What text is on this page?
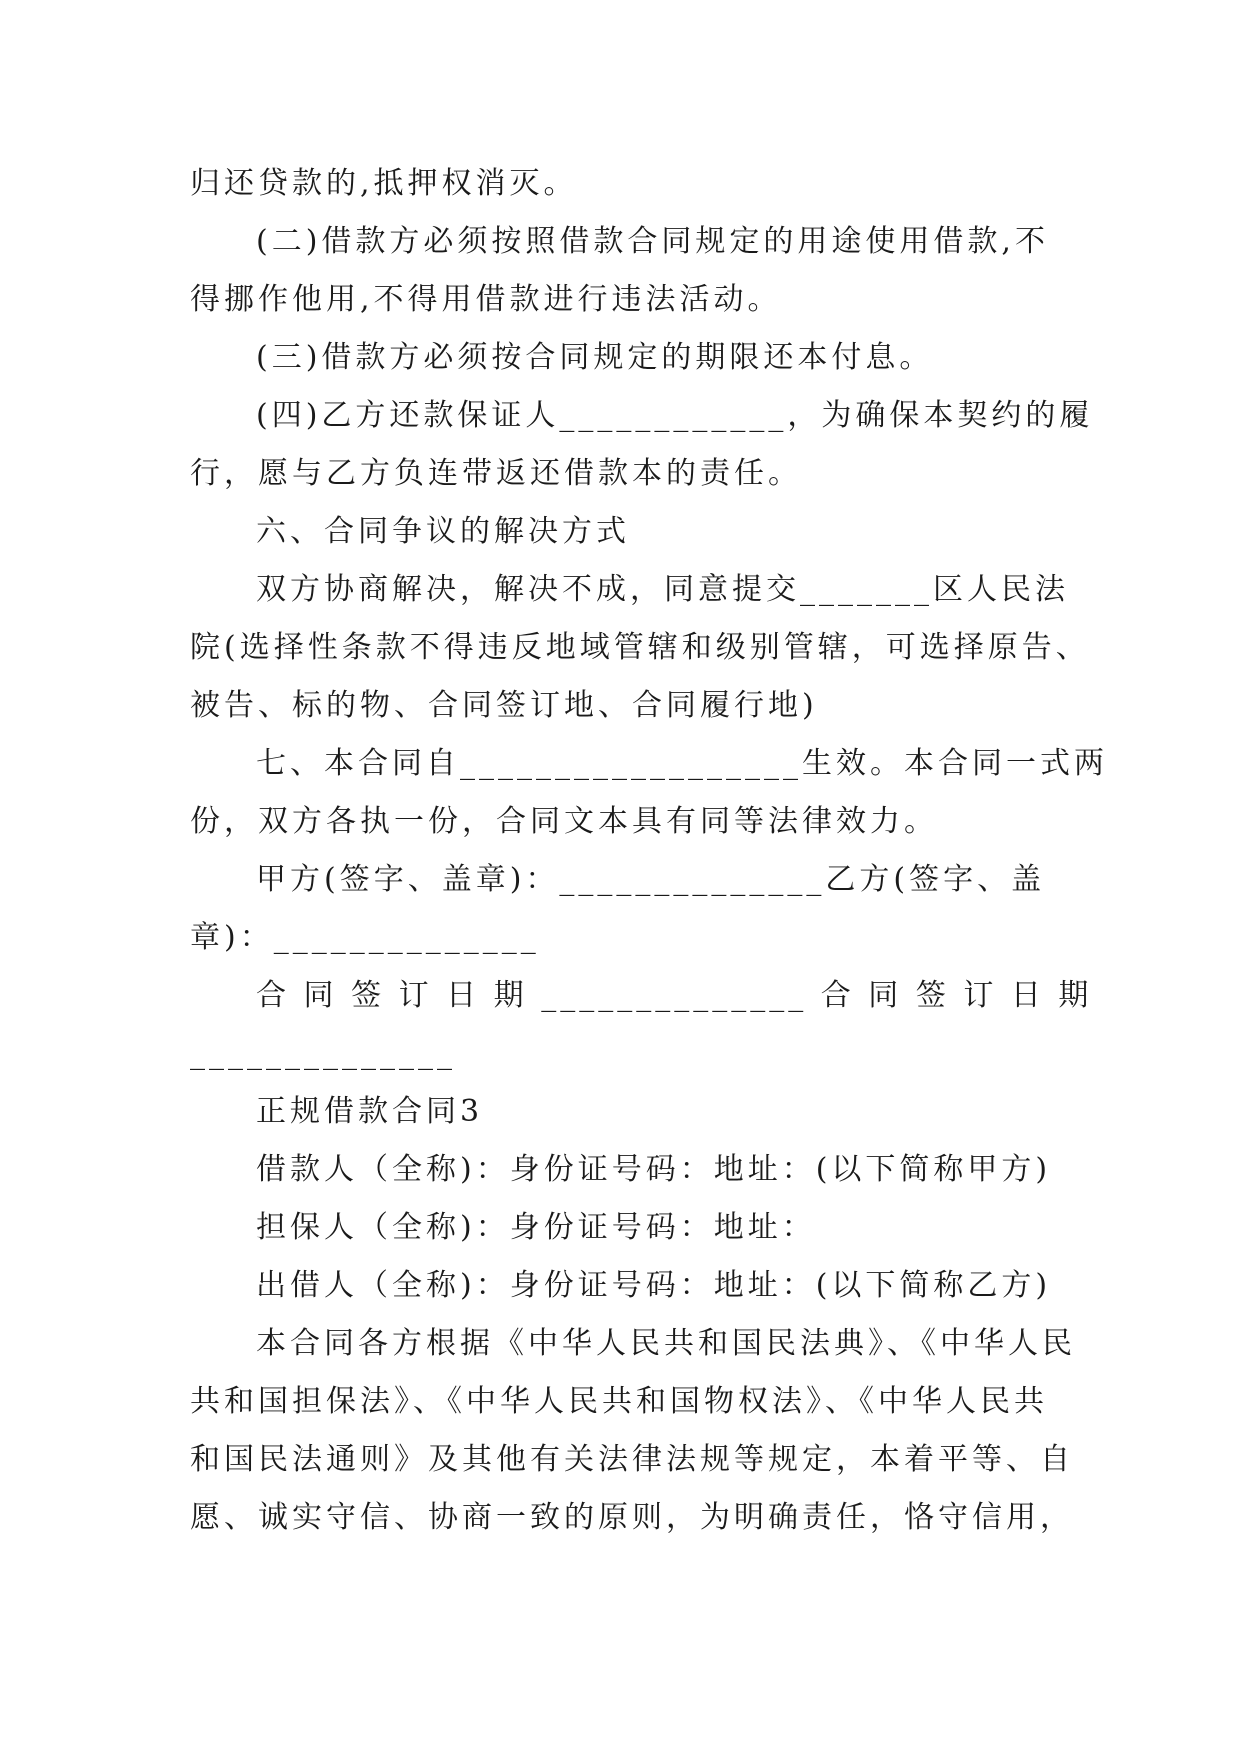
归还贷款的,抵押权消灭。
(二)借款方必须按照借款合同规定的用途使用借款,不
得挪作他用,不得用借款进行违法活动。
(三)借款方必须按合同规定的期限还本付息。
(四)乙方还款保证人____________，为确保本契约的履
行，愿与乙方负连带返还借款本的责任。
六、合同争议的解决方式
双方协商解决，解决不成，同意提交_______区人民法
院(选择性条款不得违反地域管辖和级别管辖，可选择原告、
被告、标的物、合同签订地、合同履行地)
七、本合同自__________________生效。本合同一式两
份，双方各执一份，合同文本具有同等法律效力。
甲方(签字、盖章)：______________乙方(签字、盖
章)：______________
合 同 签 订 日 期 ______________ 合 同 签 订 日 期
______________
正规借款合同3
借款人（全称)：身份证号码：地址：(以下简称甲方)
担保人（全称)：身份证号码：地址：
出借人（全称)：身份证号码：地址：(以下简称乙方)
本合同各方根据《中华人民共和国民法典》、《中华人民
共和国担保法》、《中华人民共和国物权法》、《中华人民共
和国民法通则》及其他有关法律法规等规定，本着平等、自
愿、诚实守信、协商一致的原则，为明确责任，恪守信用，
